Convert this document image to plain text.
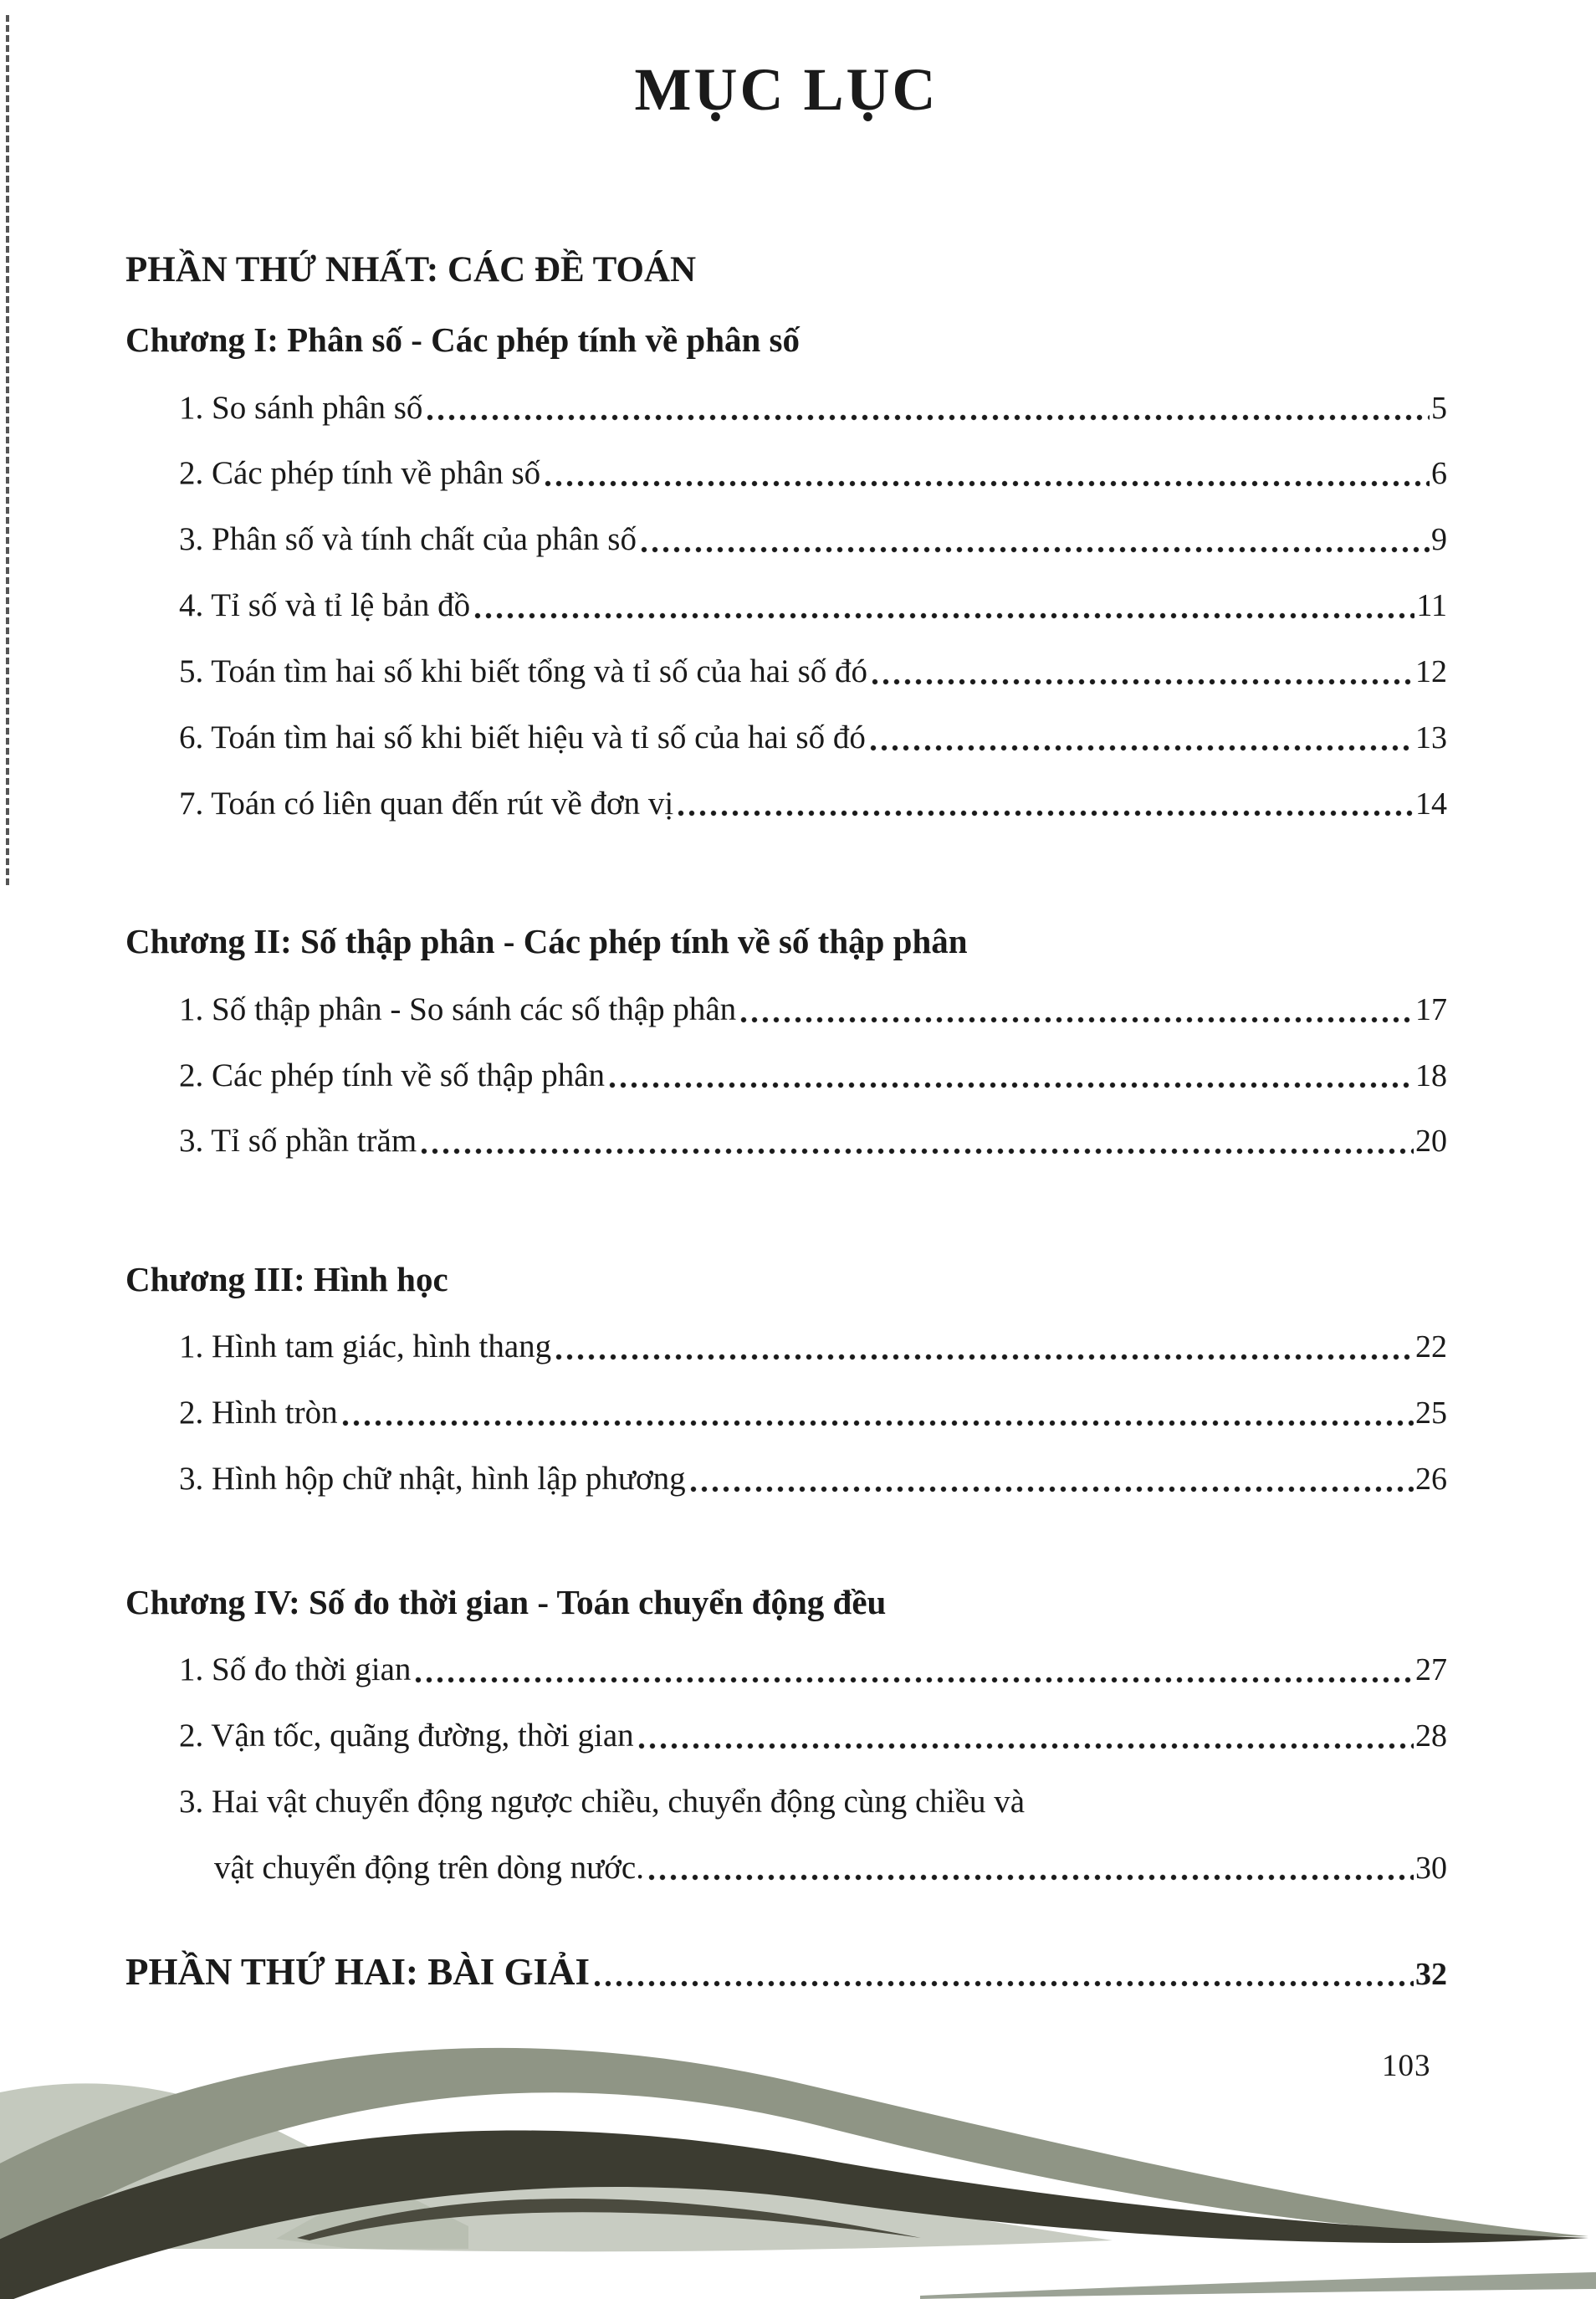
MỤC LỤC
PHẦN THỨ NHẤT: CÁC ĐỀ TOÁN
Chương I: Phân số - Các phép tính về phân số
1. So sánh phân số	5
2. Các phép tính về phân số	6
3. Phân số và tính chất của phân số	9
4. Tỉ số và tỉ lệ bản đồ	11
5. Toán tìm hai số khi biết tổng và tỉ số của hai số đó	12
6. Toán tìm hai số khi biết hiệu và tỉ số của hai số đó	13
7. Toán có liên quan đến rút về đơn vị	14
Chương II: Số thập phân - Các phép tính về số thập phân
1. Số thập phân - So sánh các số thập phân	17
2. Các phép tính về số thập phân	18
3. Tỉ số phần trăm	20
Chương III: Hình học
1. Hình tam giác, hình thang	22
2. Hình tròn	25
3. Hình hộp chữ nhật, hình lập phương	26
Chương IV: Số đo thời gian - Toán chuyển động đều
1. Số đo thời gian	27
2. Vận tốc, quãng đường, thời gian	28
3. Hai vật chuyển động ngược chiều, chuyển động cùng chiều và
vật chuyển động trên dòng nước.	30
PHẦN THỨ HAI: BÀI GIẢI	32
103
